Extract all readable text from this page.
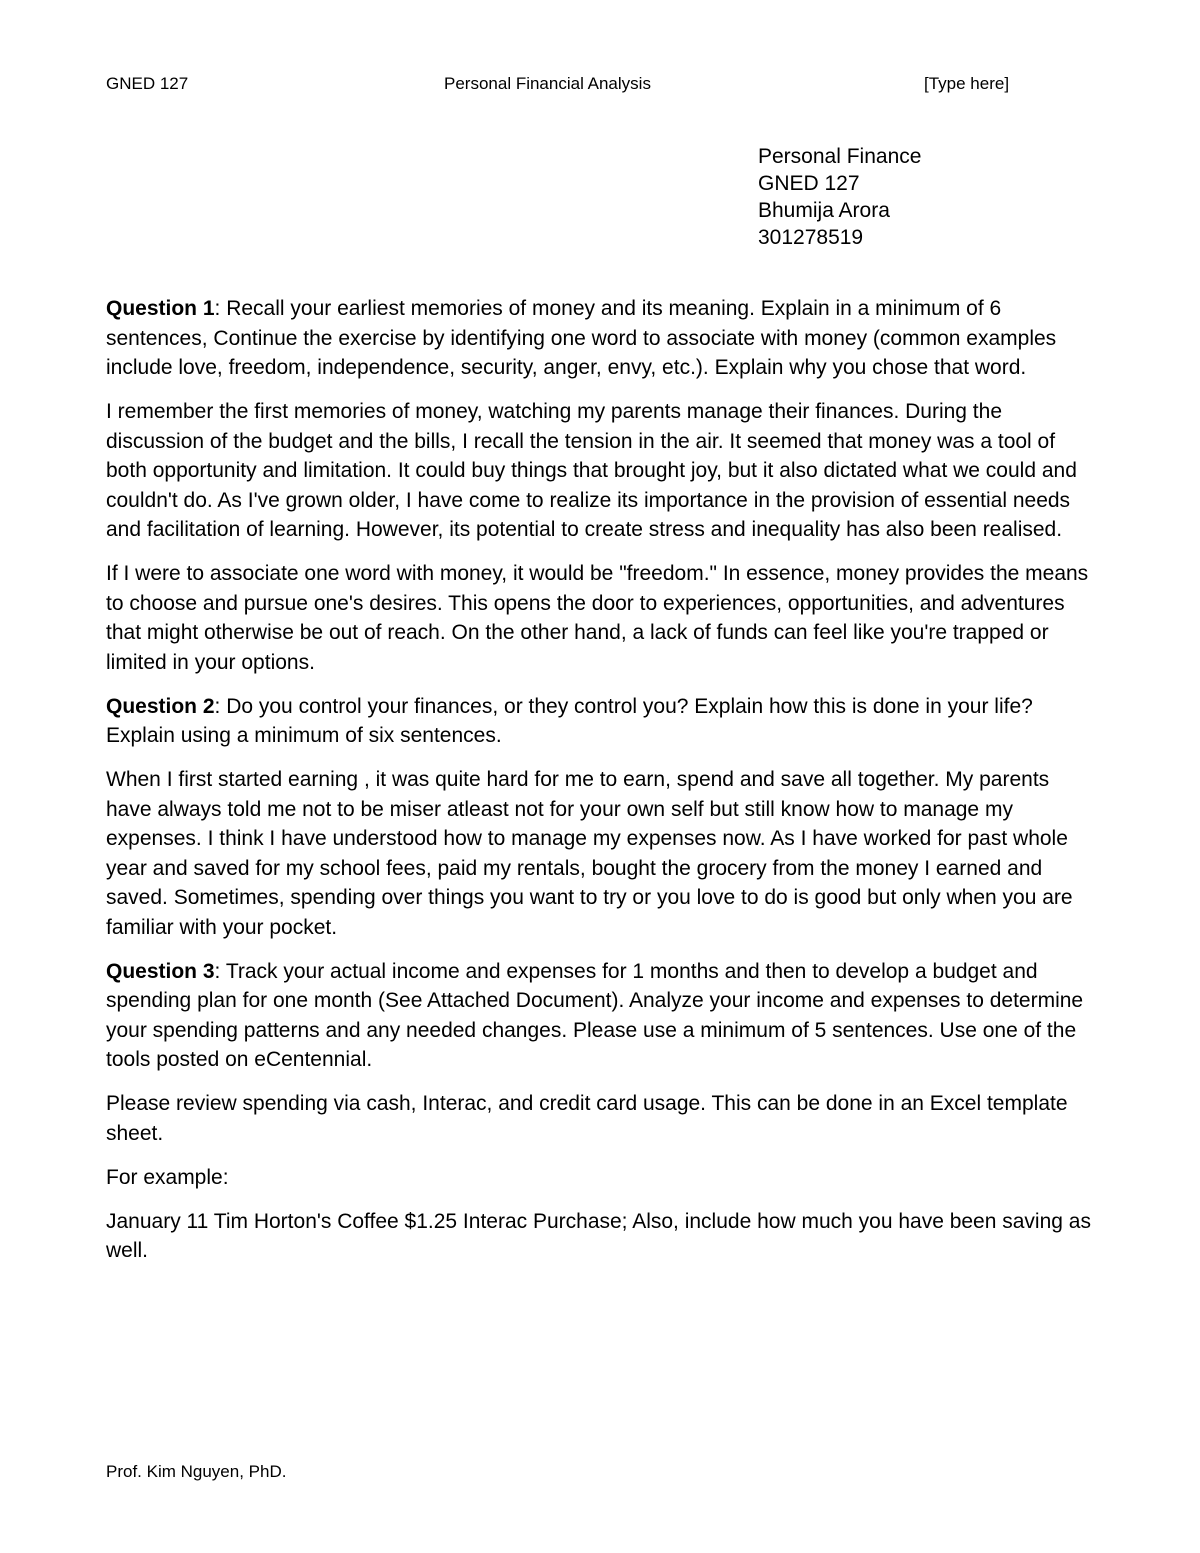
GNED 127	Personal Financial Analysis	[Type here]
Personal Finance
GNED 127
Bhumija Arora
301278519

Question 1: Recall your earliest memories of money and its meaning. Explain in a minimum of 6 sentences, Continue the exercise by identifying one word to associate with money (common examples include love, freedom, independence, security, anger, envy, etc.). Explain why you chose that word.

I remember the first memories of money, watching my parents manage their finances. During the discussion of the budget and the bills, I recall the tension in the air. It seemed that money was a tool of both opportunity and limitation. It could buy things that brought joy, but it also dictated what we could and couldn't do. As I've grown older, I have come to realize its importance in the provision of essential needs and facilitation of learning. However, its potential to create stress and inequality has also been realised.

If I were to associate one word with money, it would be "freedom." In essence, money provides the means to choose and pursue one's desires. This opens the door to experiences, opportunities, and adventures that might otherwise be out of reach. On the other hand, a lack of funds can feel like you're trapped or limited in your options.

Question 2: Do you control your finances, or they control you? Explain how this is done in your life? Explain using a minimum of six sentences.

When I first started earning , it was quite hard for me to earn, spend and save all together. My parents have always told me not to be miser atleast not for your own self but still know how to manage my expenses. I think I have understood how to manage my expenses now. As I have worked for past whole year and saved for my school fees, paid my rentals, bought the grocery from the money I earned and saved. Sometimes, spending over things you want to try or you love to do is good but only when you are familiar with your pocket.

Question 3: Track your actual income and expenses for 1 months and then to develop a budget and spending plan for one month (See Attached Document). Analyze your income and expenses to determine your spending patterns and any needed changes. Please use a minimum of 5 sentences. Use one of the tools posted on eCentennial.

Please review spending via cash, Interac, and credit card usage. This can be done in an Excel template sheet.

For example:

January 11 Tim Horton's Coffee $1.25 Interac Purchase; Also, include how much you have been saving as well.

Prof. Kim Nguyen, PhD.
